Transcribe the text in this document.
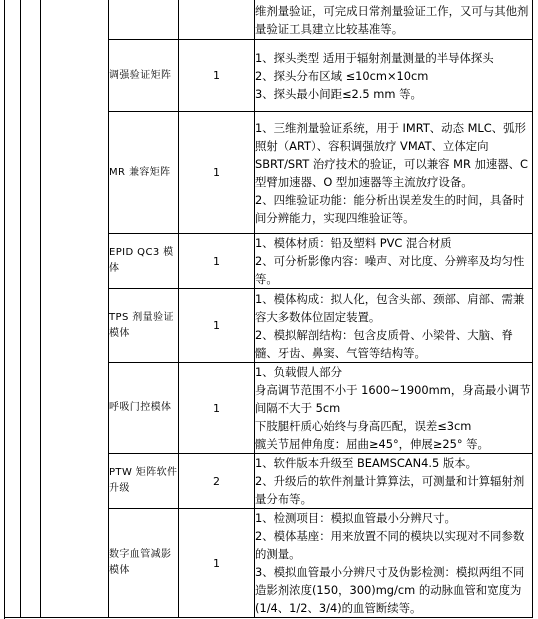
					维剂量验证，可完成日常剂量验证工作，又可与其他剂量验证工具建立比较基准等。

			调强验证矩阵	1	1、探头类型 适用于辐射剂量测量的半导体探头
2、探头分布区域 ≤10cm×10cm
3、探头最小间距≤2.5 mm 等。

			MR 兼容矩阵	1	1、三维剂量验证系统，用于 IMRT、动态 MLC、弧形照射（ART）、容积调强放疗 VMAT、立体定向 SBRT/SRT 治疗技术的验证，可以兼容 MR 加速器、C 型臂加速器、O 型加速器等主流放疗设备。
2、四维验证功能：能分析出误差发生的时间，具备时间分辨能力，实现四维验证等。

			EPID QC3 模体	1	1、模体材质：铅及塑料 PVC 混合材质
2、可分析影像内容：噪声、对比度、分辨率及均匀性等。

			TPS 剂量验证模体	1	1、模体构成：拟人化，包含头部、颈部、肩部、需兼容大多数体位固定装置。
2、模拟解剖结构：包含皮质骨、小梁骨、大脑、脊髓、牙齿、鼻窦、气管等结构等。

			呼吸门控模体	1	1、负载假人部分
身高调节范围不小于 1600~1900mm，身高最小调节间隔不大于 5cm
下肢腿杆质心始终与身高匹配，误差≤3cm
髋关节屈伸角度：屈曲≥45°，伸展≥25° 等。

			PTW 矩阵软件升级	2	1、软件版本升级至 BEAMSCAN4.5 版本。
2、升级后的软件剂量计算算法，可测量和计算辐射剂量分布等。

			数字血管减影模体	1	1、检测项目：模拟血管最小分辨尺寸。
2、模体基座：用来放置不同的模块以实现对不同参数的测量。
3、模拟血管最小分辨尺寸及伪影检测：模拟两组不同造影剂浓度(150，300)mg/cm 的动脉血管和宽度为(1/4、1/2、3/4)的血管断续等。
